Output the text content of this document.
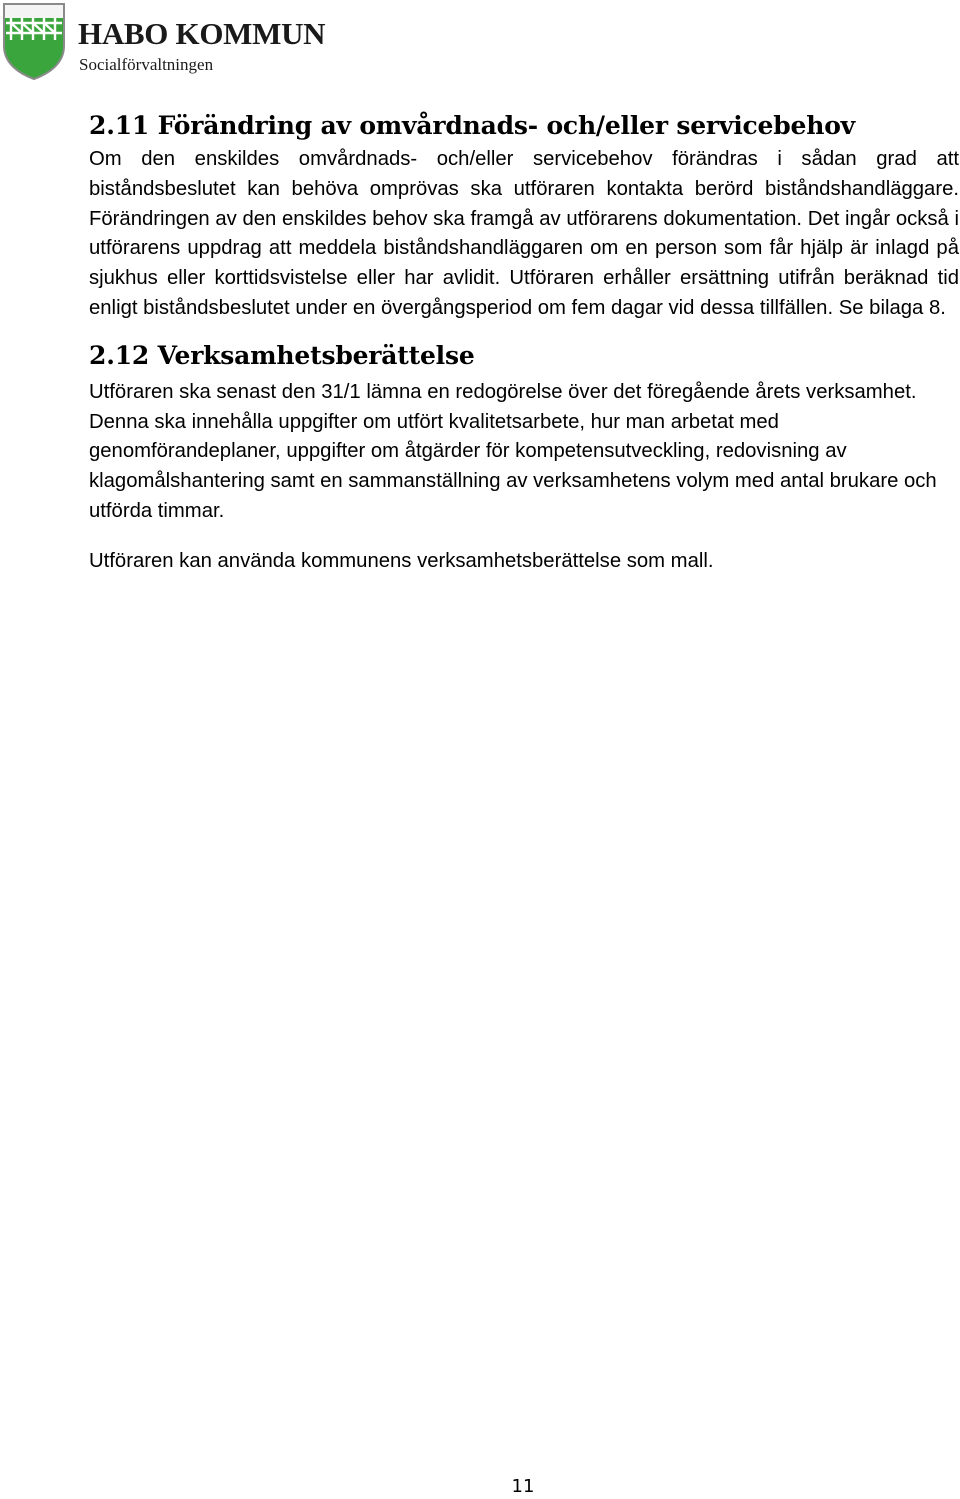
HABO KOMMUN
Socialförvaltningen
2.11 Förändring av omvårdnads- och/eller servicebehov

Om den enskildes omvårdnads- och/eller servicebehov förändras i sådan grad att biståndsbeslutet kan behöva omprövas ska utföraren kontakta berörd biståndshandläggare. Förändringen av den enskildes behov ska framgå av utförarens dokumentation. Det ingår också i utförarens uppdrag att meddela biståndshandläggaren om en person som får hjälp är inlagd på sjukhus eller korttidsvistelse eller har avlidit. Utföraren erhåller ersättning utifrån beräknad tid enligt biståndsbeslutet under en övergångsperiod om fem dagar vid dessa tillfällen. Se bilaga 8.

2.12 Verksamhetsberättelse

Utföraren ska senast den 31/1 lämna en redogörelse över det föregående årets verksamhet. Denna ska innehålla uppgifter om utfört kvalitetsarbete, hur man arbetat med genomförandeplaner, uppgifter om åtgärder för kompetensutveckling, redovisning av klagomålshantering samt en sammanställning av verksamhetens volym med antal brukare och utförda timmar.

Utföraren kan använda kommunens verksamhetsberättelse som mall.

11
